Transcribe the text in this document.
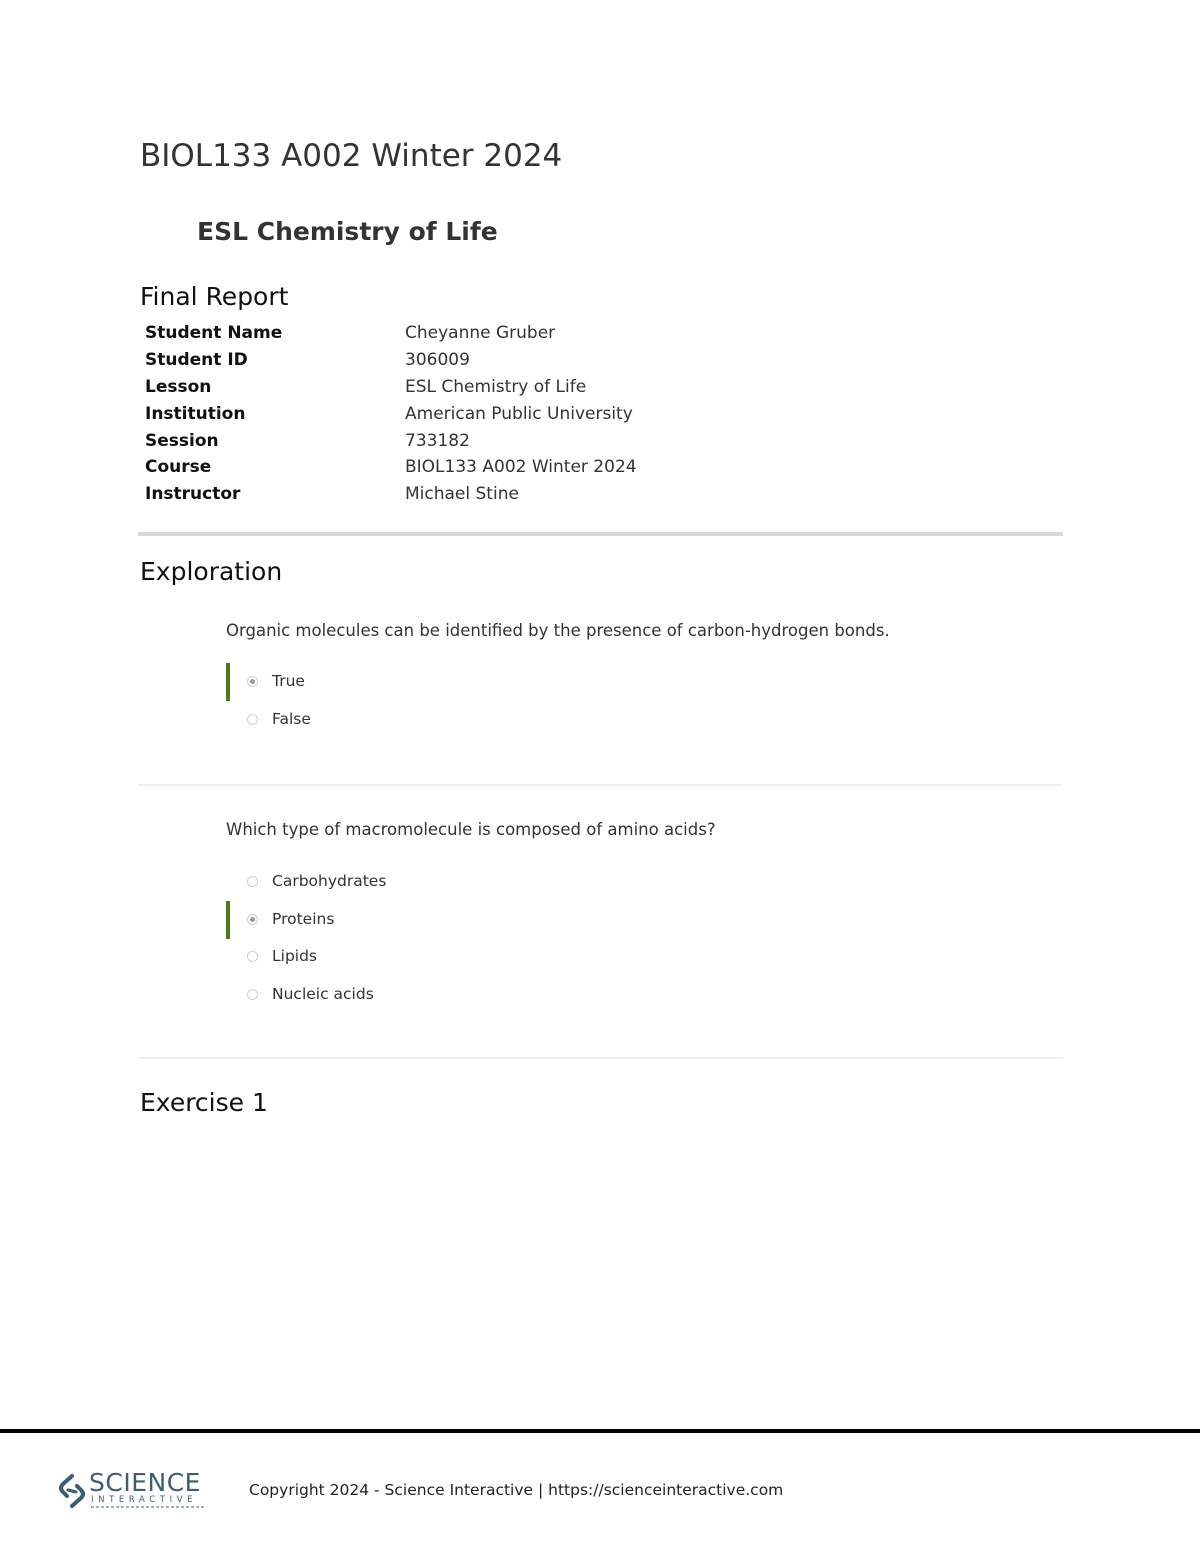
BIOL133 A002 Winter 2024
ESL Chemistry of Life
Final Report
Student Name	Cheyanne Gruber
Student ID	306009
Lesson	ESL Chemistry of Life
Institution	American Public University
Session	733182
Course	BIOL133 A002 Winter 2024
Instructor	Michael Stine
Exploration

Organic molecules can be identified by the presence of carbon-hydrogen bonds.

True
False

Which type of macromolecule is composed of amino acids?

Carbohydrates
Proteins
Lipids
Nucleic acids
Exercise 1
SCIENCE
INTERACTIVE
Copyright 2024 - Science Interactive | https://scienceinteractive.com
